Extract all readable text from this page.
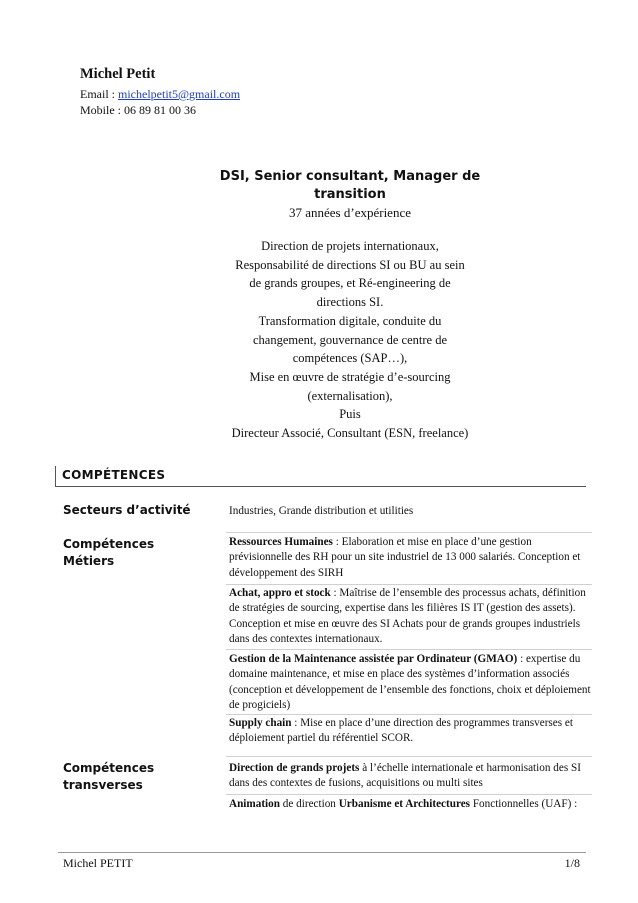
Michel Petit
Email : michelpetit5@gmail.com
Mobile : 06 89 81 00 36
DSI, Senior consultant, Manager de
transition
37 années d’expérience
Direction de projets internationaux,
Responsabilité de directions SI ou BU au sein
de grands groupes, et Ré-engineering de
directions SI.
Transformation digitale, conduite du
changement, gouvernance de centre de
compétences (SAP…),
Mise en œuvre de stratégie d’e-sourcing
(externalisation),
Puis
Directeur Associé, Consultant (ESN, freelance)
COMPÉTENCES
Secteurs d’activité	Industries, Grande distribution et utilities
Compétences
Métiers
Ressources Humaines : Elaboration et mise en place d’une gestion prévisionnelle des RH pour un site industriel de 13 000 salariés. Conception et développement des SIRH
Achat, appro et stock : Maîtrise de l’ensemble des processus achats, définition de stratégies de sourcing, expertise dans les filières IS IT (gestion des assets). Conception et mise en œuvre des SI Achats pour de grands groupes industriels dans des contextes internationaux.
Gestion de la Maintenance assistée par Ordinateur (GMAO) : expertise du domaine maintenance, et mise en place des systèmes d’information associés (conception et développement de l’ensemble des fonctions, choix et déploiement de progiciels)
Supply chain : Mise en place d’une direction des programmes transverses et déploiement partiel du référentiel SCOR.
Compétences
transverses
Direction de grands projets à l’échelle internationale et harmonisation des SI dans des contextes de fusions, acquisitions ou multi sites
Animation de direction Urbanisme et Architectures Fonctionnelles (UAF) :
Michel PETIT	1/8
